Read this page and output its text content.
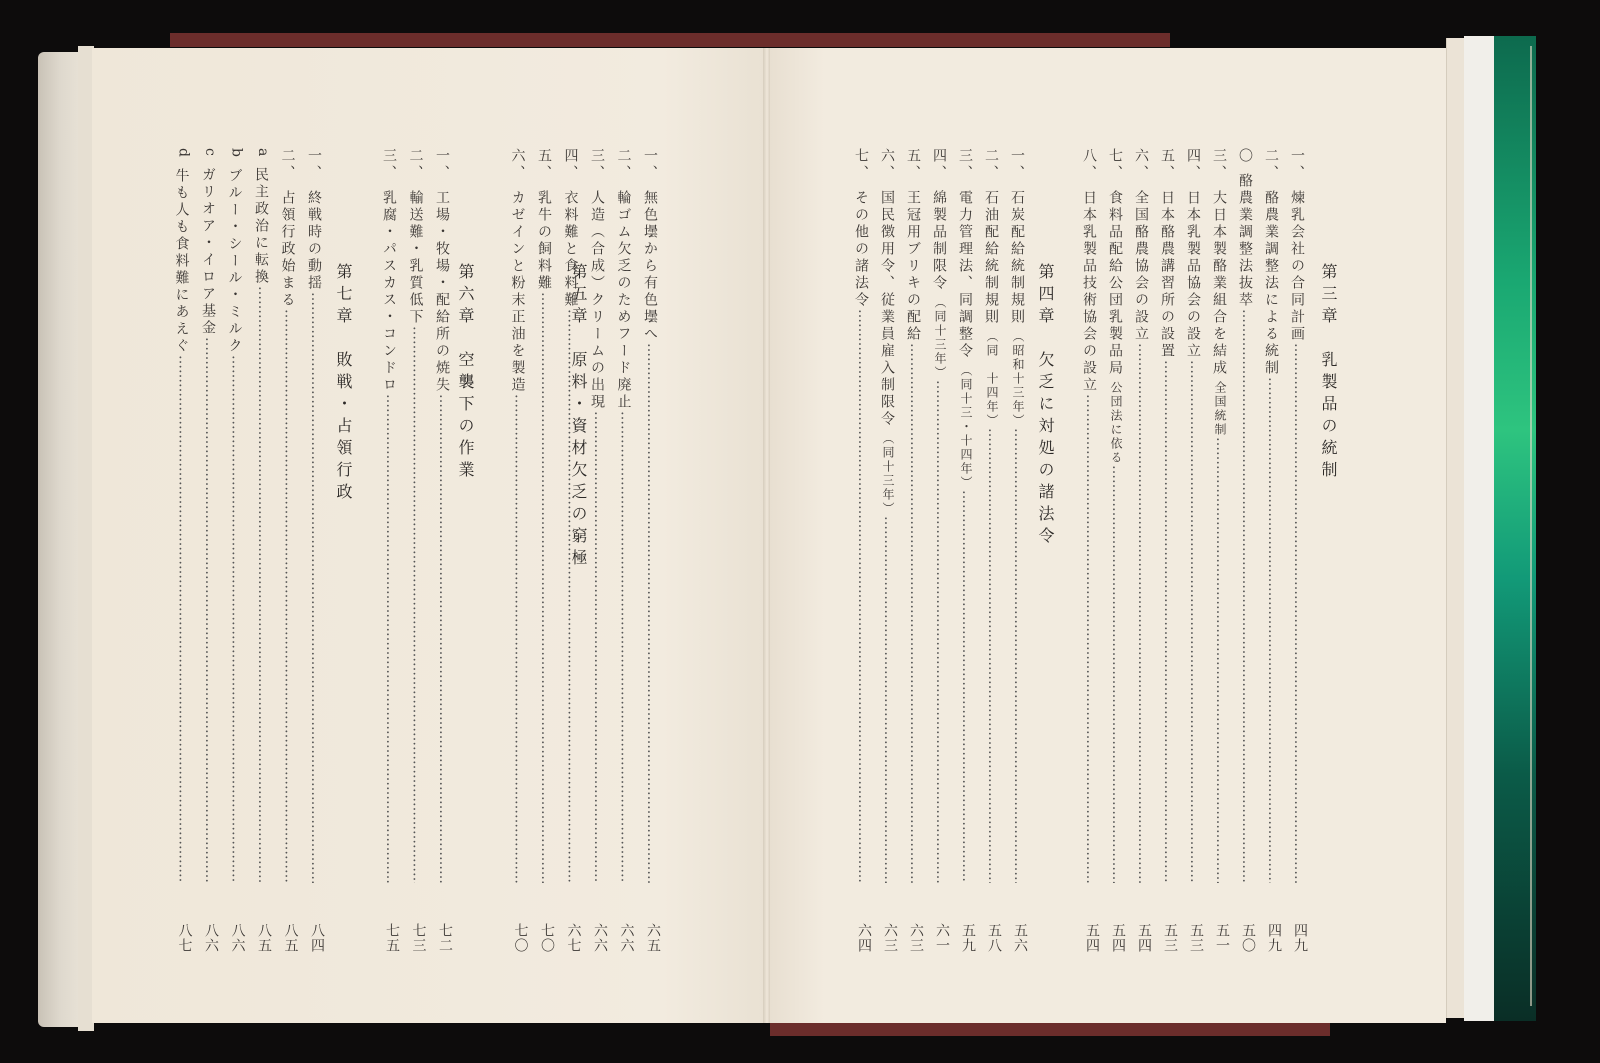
第五章　原料・資材欠乏の窮極
一、
無色壜から有色壜へ
……………………………………………………………………………………………………………………………………………………………………………
六五
二、
輪ゴム欠乏のためフード廃止
……………………………………………………………………………………………………………………………………………………………………………
六六
三、
人造（合成）クリームの出現
……………………………………………………………………………………………………………………………………………………………………………
六六
四、
衣料難と食料難
……………………………………………………………………………………………………………………………………………………………………………
六七
五、
乳牛の飼料難
……………………………………………………………………………………………………………………………………………………………………………
七〇
六、
カゼインと粉末正油を製造
……………………………………………………………………………………………………………………………………………………………………………
七〇
第六章　空襲下の作業
一、
工場・牧場・配給所の焼失
……………………………………………………………………………………………………………………………………………………………………………
七二
二、
輸送難・乳質低下
……………………………………………………………………………………………………………………………………………………………………………
七三
三、
乳腐・パスカス・コンドロ
……………………………………………………………………………………………………………………………………………………………………………
七五
第七章　敗戦・占領行政
一、
終戦時の動揺
……………………………………………………………………………………………………………………………………………………………………………
八四
二、
占領行政始まる
……………………………………………………………………………………………………………………………………………………………………………
八五
a
民主政治に転換
……………………………………………………………………………………………………………………………………………………………………………
八五
b
ブルー・シール・ミルク
……………………………………………………………………………………………………………………………………………………………………………
八六
c
ガリオア・イロア基金
……………………………………………………………………………………………………………………………………………………………………………
八六
d
牛も人も食料難にあえぐ
……………………………………………………………………………………………………………………………………………………………………………
八七
第三章　乳製品の統制
一、
煉乳会社の合同計画
……………………………………………………………………………………………………………………………………………………………………………
四九
二、
酪農業調整法による統制
……………………………………………………………………………………………………………………………………………………………………………
四九
〇
酪農業調整法抜萃
……………………………………………………………………………………………………………………………………………………………………………
五〇
三、
大日本製酪業組合を結成
全国統制
……………………………………………………………………………………………………………………………………………………………………………
五一
四、
日本乳製品協会の設立
……………………………………………………………………………………………………………………………………………………………………………
五三
五、
日本酪農講習所の設置
……………………………………………………………………………………………………………………………………………………………………………
五三
六、
全国酪農協会の設立
……………………………………………………………………………………………………………………………………………………………………………
五四
七、
食料品配給公団乳製品局
公団法に依る
……………………………………………………………………………………………………………………………………………………………………………
五四
八、
日本乳製品技術協会の設立
……………………………………………………………………………………………………………………………………………………………………………
五四
第四章　欠乏に対処の諸法令
一、
石炭配給統制規則
（昭和十三年）
……………………………………………………………………………………………………………………………………………………………………………
五六
二、
石油配給統制規則
（同　十四年）
……………………………………………………………………………………………………………………………………………………………………………
五八
三、
電力管理法、同調整令
（同十三・十四年）
……………………………………………………………………………………………………………………………………………………………………………
五九
四、
綿製品制限令
（同十三年）
……………………………………………………………………………………………………………………………………………………………………………
六一
五、
王冠用ブリキの配給
……………………………………………………………………………………………………………………………………………………………………………
六三
六、
国民徴用令、従業員雇入制限令
（同十三年）
……………………………………………………………………………………………………………………………………………………………………………
六三
七、
その他の諸法令
……………………………………………………………………………………………………………………………………………………………………………
六四
